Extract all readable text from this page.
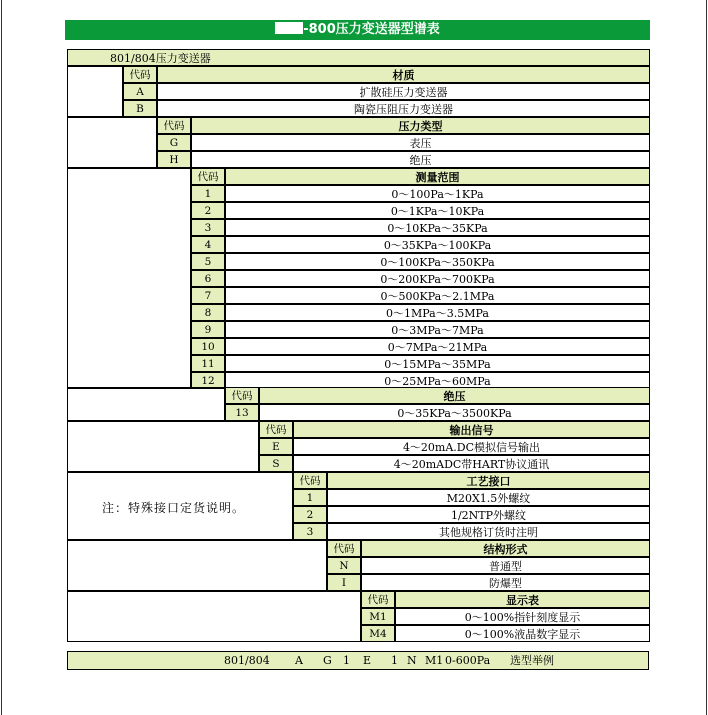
-800压力变送器型谱表
801/804压力变送器
代码	材质
A	扩散硅压力变送器
B	陶瓷压阻压力变送器
代码	压力类型
G	表压
H	绝压
代码	测量范围
1	0～100Pa～1KPa
2	0～1KPa～10KPa
3	0～10KPa～35KPa
4	0～35KPa～100KPa
5	0～100KPa～350KPa
6	0～200KPa～700KPa
7	0～500KPa～2.1MPa
8	0～1MPa～3.5MPa
9	0～3MPa～7MPa
10	0～7MPa～21MPa
11	0～15MPa～35MPa
12	0～25MPa～60MPa
代码	绝压
13	0～35KPa～3500KPa
代码	输出信号
E	4～20mA.DC模拟信号输出
S	4～20mADC带HART协议通讯
代码	工艺接口
1	M20X1.5外螺纹
2	1/2NTP外螺纹
3	其他规格订货时注明
代码	结构形式
N	普通型
I	防爆型
代码	显示表
M1	0～100%指针刻度显示
M4	0～100%液晶数字显示
注：特殊接口定货说明。
801/804 A G 1 E 1 N M1 0-600Pa 选型举例
